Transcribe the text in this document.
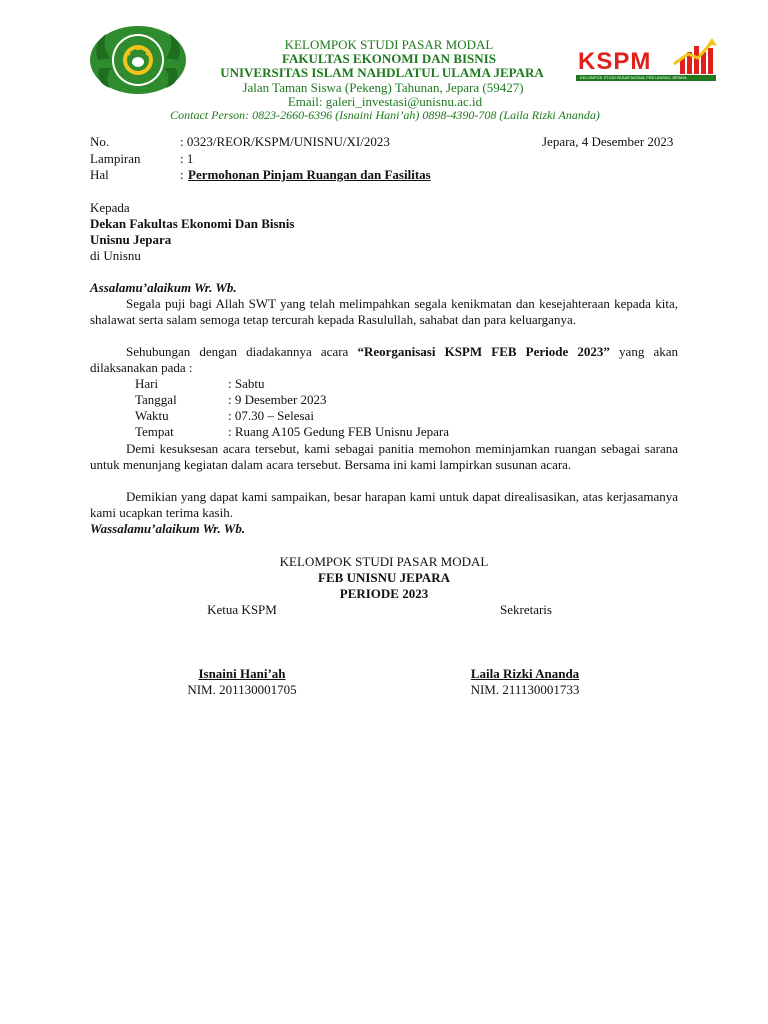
KELOMPOK STUDI PASAR MODAL
FAKULTAS EKONOMI DAN BISNIS
UNIVERSITAS ISLAM NAHDLATUL ULAMA JEPARA
Jalan Taman Siswa (Pekeng) Tahunan, Jepara (59427)
Email: galeri_investasi@unisnu.ac.id
Contact Person: 0823-2660-6396 (Isnaini Hani’ah) 0898-4390-708 (Laila Rizki Ananda)
KSPM
KELOMPOK STUDI PASAR MODAL FEB UNISNU JEPARA
No.	: 0323/REOR/KSPM/UNISNU/XI/2023	Jepara, 4 Desember 2023
Lampiran	: 1
Hal	: Permohonan Pinjam Ruangan dan Fasilitas
Kepada
Dekan Fakultas Ekonomi Dan Bisnis
Unisnu Jepara
di Unisnu
Assalamu’alaikum Wr. Wb.
Segala puji bagi Allah SWT yang telah melimpahkan segala kenikmatan dan kesejahteraan kepada kita, shalawat serta salam semoga tetap tercurah kepada Rasulullah, sahabat dan para keluarganya.
Sehubungan dengan diadakannya acara “Reorganisasi KSPM FEB Periode 2023” yang akan dilaksanakan pada :
Hari	: Sabtu
Tanggal	: 9 Desember 2023
Waktu	: 07.30 – Selesai
Tempat	: Ruang A105 Gedung FEB Unisnu Jepara
Demi kesuksesan acara tersebut, kami sebagai panitia memohon meminjamkan ruangan sebagai sarana untuk menunjang kegiatan dalam acara tersebut. Bersama ini kami lampirkan susunan acara.
Demikian yang dapat kami sampaikan, besar harapan kami untuk dapat direalisasikan, atas kerjasamanya kami ucapkan terima kasih.
Wassalamu’alaikum Wr. Wb.
KELOMPOK STUDI PASAR MODAL
FEB UNISNU JEPARA
PERIODE 2023
Ketua KSPM	Sekretaris
Isnaini Hani’ah
NIM. 201130001705
Laila Rizki Ananda
NIM. 211130001733
